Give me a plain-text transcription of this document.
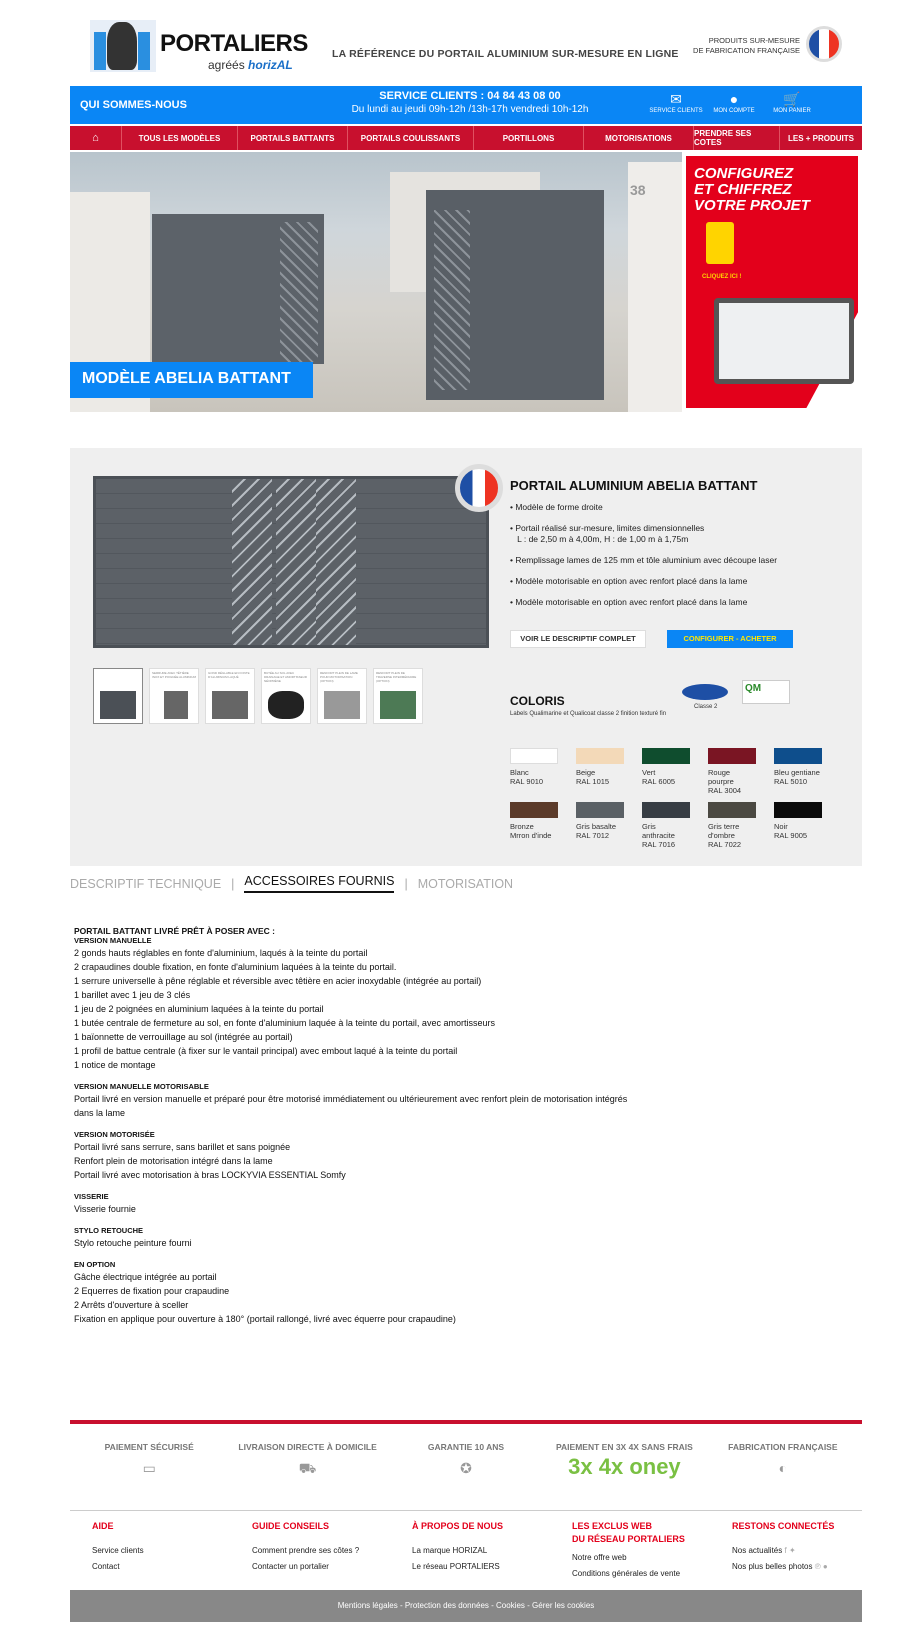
PORTALIERS
agréés horizAL
LA RÉFÉRENCE DU PORTAIL ALUMINIUM SUR-MESURE EN LIGNE
PRODUITS SUR-MESURE
DE FABRICATION FRANÇAISE
QUI SOMMES-NOUS
SERVICE CLIENTS : 04 84 43 08 00
Du lundi au jeudi 09h-12h /13h-17h vendredi 10h-12h
✉
SERVICE CLIENTS
●
MON COMPTE
🛒
MON PANIER
⌂	TOUS LES MODÈLES	PORTAILS BATTANTS	PORTAILS COULISSANTS	PORTILLONS	MOTORISATIONS	PRENDRE SES COTES	LES + PRODUITS
38
MODÈLE ABELIA BATTANT
CONFIGUREZ
ET CHIFFREZ
VOTRE PROJET
CLIQUEZ ICI !
SERRURE AVEC TÊTIÈRE INOX ET POIGNÉE ALUMINIUM
GOND RÉGLABLE EN FONTE D'ALUMINIUM LAQUÉ
BUTÉE AU SOL AVEC DRAINAGE ET AMORTISSEUR NÉOPRÈNE
RENFORT PLEIN DE LAME POUR MOTORISATION (OPTION)
RENFORT PLEIN DE TRAVERSE INTERMÉDIAIRE (OPTION)
PORTAIL ALUMINIUM ABELIA BATTANT
• Modèle de forme droite
• Portail réalisé sur-mesure, limites dimensionnelles
L : de 2,50 m à 4,00m, H : de 1,00 m à 1,75m
• Remplissage lames de 125 mm et tôle aluminium avec découpe laser
• Modèle motorisable en option avec renfort placé dans la lame
• Modèle motorisable en option avec renfort placé dans la lame
VOIR LE DESCRIPTIF COMPLET	CONFIGURER - ACHETER
COLORIS
Labels Qualimarine et Qualicoat classe 2 finition texturé fin
Classe 2
QM
Blanc
RAL 9010
Beige
RAL 1015
Vert
RAL 6005
Rouge pourpre
RAL 3004
Bleu gentiane
RAL 5010
Bronze
Mrron d'inde
Gris basalte
RAL 7012
Gris anthracite
RAL 7016
Gris terre d'ombre
RAL 7022
Noir
RAL 9005
DESCRIPTIF TECHNIQUE | ACCESSOIRES FOURNIS | MOTORISATION
PORTAIL BATTANT LIVRÉ PRÊT À POSER AVEC :
VERSION MANUELLE
2 gonds hauts réglables en fonte d'aluminium, laqués à la teinte du portail
2 crapaudines double fixation, en fonte d'aluminium laquées à la teinte du portail.
1 serrure universelle à pêne réglable et réversible avec têtière en acier inoxydable (intégrée au portail)
1 barillet avec 1 jeu de 3 clés
1 jeu de 2 poignées en aluminium laquées à la teinte du portail
1 butée centrale de fermeture au sol, en fonte d'aluminium laquée à la teinte du portail, avec amortisseurs
1 baïonnette de verrouillage au sol (intégrée au portail)
1 profil de battue centrale (à fixer sur le vantail principal) avec embout laqué à la teinte du portail
1 notice de montage
VERSION MANUELLE MOTORISABLE
Portail livré en version manuelle et préparé pour être motorisé immédiatement ou ultérieurement avec renfort plein de motorisation intégrés
dans la lame
VERSION MOTORISÉE
Portail livré sans serrure, sans barillet et sans poignée
Renfort plein de motorisation intégré dans la lame
Portail livré avec motorisation à bras LOCKYVIA ESSENTIAL Somfy
VISSERIE
Visserie fournie
STYLO RETOUCHE
Stylo retouche peinture fourni
EN OPTION
Gâche électrique intégrée au portail
2 Equerres de fixation pour crapaudine
2 Arrêts d'ouverture à sceller
Fixation en applique pour ouverture à 180° (portail rallongé, livré avec équerre pour crapaudine)
PAIEMENT SÉCURISÉ
▭
LIVRAISON DIRECTE À DOMICILE
⛟
GARANTIE 10 ANS
✪
PAIEMENT EN 3X 4X SANS FRAIS
3x 4x oney
FABRICATION FRANÇAISE
◐
AIDE
Service clients
Contact
GUIDE CONSEILS
Comment prendre ses côtes ?
Contacter un portalier
À PROPOS DE NOUS
La marque HORIZAL
Le réseau PORTALIERS
LES EXCLUS WEB
DU RÉSEAU PORTALIERS
Notre offre web
Conditions générales de vente
RESTONS CONNECTÉS
Nos actualités f ✦
Nos plus belles photos ℗ ●
Mentions légales - Protection des données - Cookies - Gérer les cookies
